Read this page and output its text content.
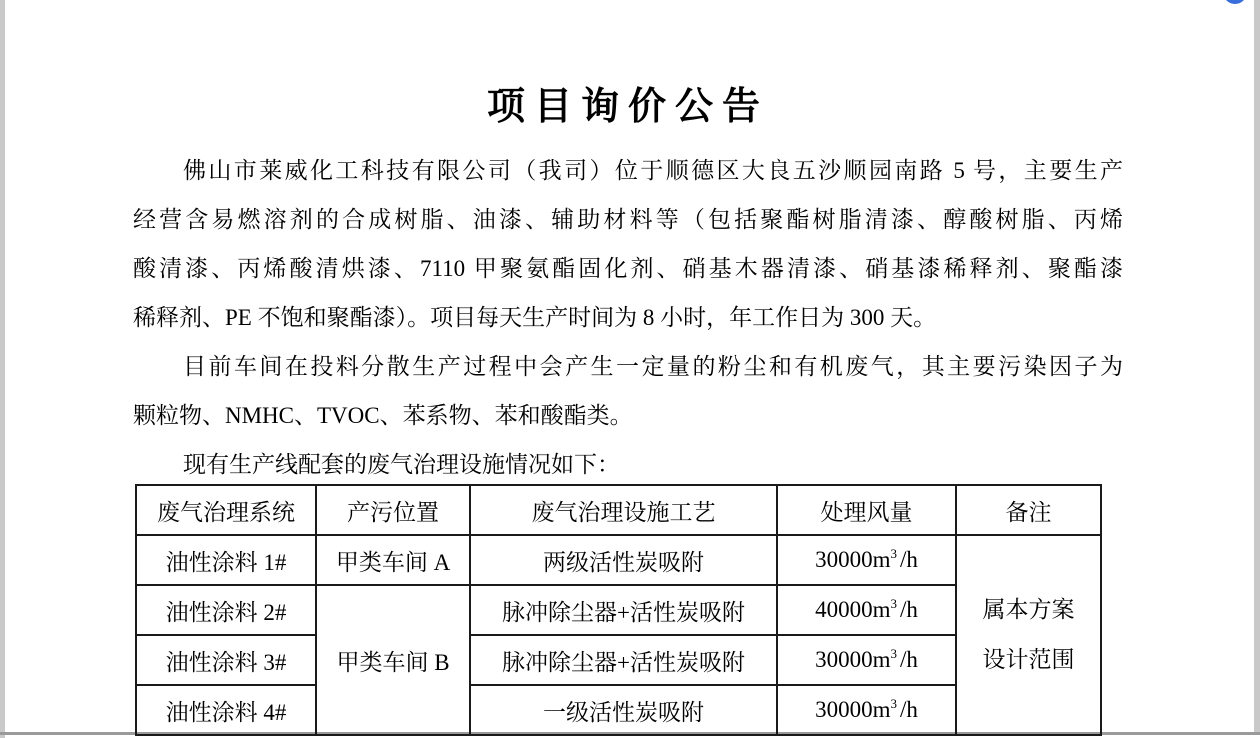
项目询价公告
佛山市莱威化工科技有限公司（我司）位于顺德区大良五沙顺园南路 5 号，主要生产
经营含易燃溶剂的合成树脂、油漆、辅助材料等（包括聚酯树脂清漆、醇酸树脂、丙烯
酸清漆、丙烯酸清烘漆、7110 甲聚氨酯固化剂、硝基木器清漆、硝基漆稀释剂、聚酯漆
稀释剂、PE 不饱和聚酯漆）。项目每天生产时间为 8 小时，年工作日为 300 天。
目前车间在投料分散生产过程中会产生一定量的粉尘和有机废气，其主要污染因子为
颗粒物、NMHC、TVOC、苯系物、苯和酸酯类。
现有生产线配套的废气治理设施情况如下：
废气治理系统	产污位置	废气治理设施工艺	处理风量	备注
油性涂料 1#	甲类车间 A	两级活性炭吸附	$30000m^3$ /h	属本方案
设计范围

油性涂料 2#	甲类车间 B	脉冲除尘器+活性炭吸附	$40000m^3$ /h	
油性涂料 3#		脉冲除尘器+活性炭吸附	$30000m^3$ /h	
油性涂料 4#		一级活性炭吸附	$30000m^3$ /h	
